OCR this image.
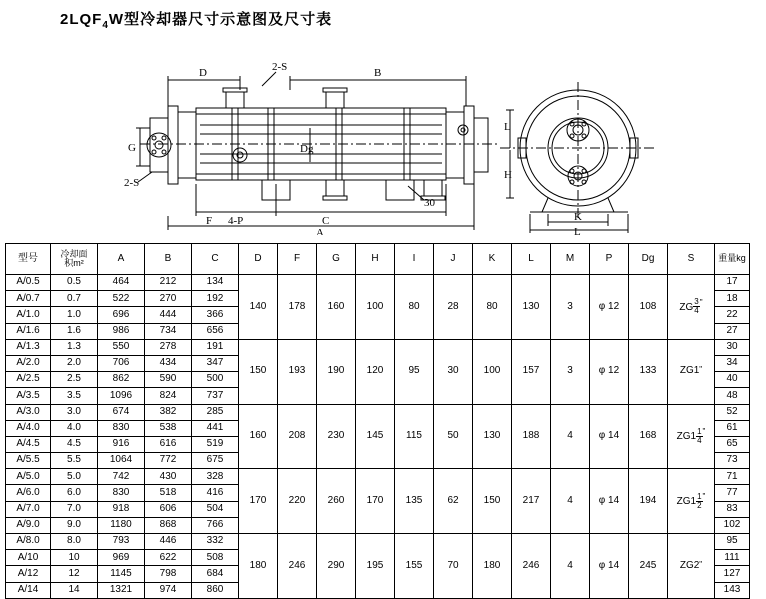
$2LQF_4W$型冷却器尺寸示意图及尺寸表
D	2-S	B
G
2-S
Dg
30
F 4-P	C
A
L
H
K
L
型号	冷却面
积m²	A	B	C	D	F	G	H	I	J	K	L	M	P	Dg	S	重量kg
A/0.5	0.5	464	212	134	140	178	160	100	80	28	80	130	3	φ 12	108	ZG $\frac{3}{4} ^"$	17
A/0.7	0.7	522	270	192													18
A/1.0	1.0	696	444	366													22
A/1.6	1.6	986	734	656													27
A/1.3	1.3	550	278	191	150	193	190	120	95	30	100	157	3	φ 12	133	ZG1"	30
A/2.0	2.0	706	434	347													34
A/2.5	2.5	862	590	500													40
A/3.5	3.5	1096	824	737													48
A/3.0	3.0	674	382	285	160	208	230	145	115	50	130	188	4	φ 14	168	$ZG1 \frac{1}{4} ^"$	52
A/4.0	4.0	830	538	441													61
A/4.5	4.5	916	616	519													65
A/5.5	5.5	1064	772	675													73
A/5.0	5.0	742	430	328	170	220	260	170	135	62	150	217	4	φ 14	194	$ZG1 \frac{1}{2} ^"$	71
A/6.0	6.0	830	518	416													77
A/7.0	7.0	918	606	504													83
A/9.0	9.0	1180	868	766													102
A/8.0	8.0	793	446	332	180	246	290	195	155	70	180	246	4	φ 14	245	ZG2"	95
A/10	10	969	622	508													111
A/12	12	1145	798	684													127
A/14	14	1321	974	860													143
